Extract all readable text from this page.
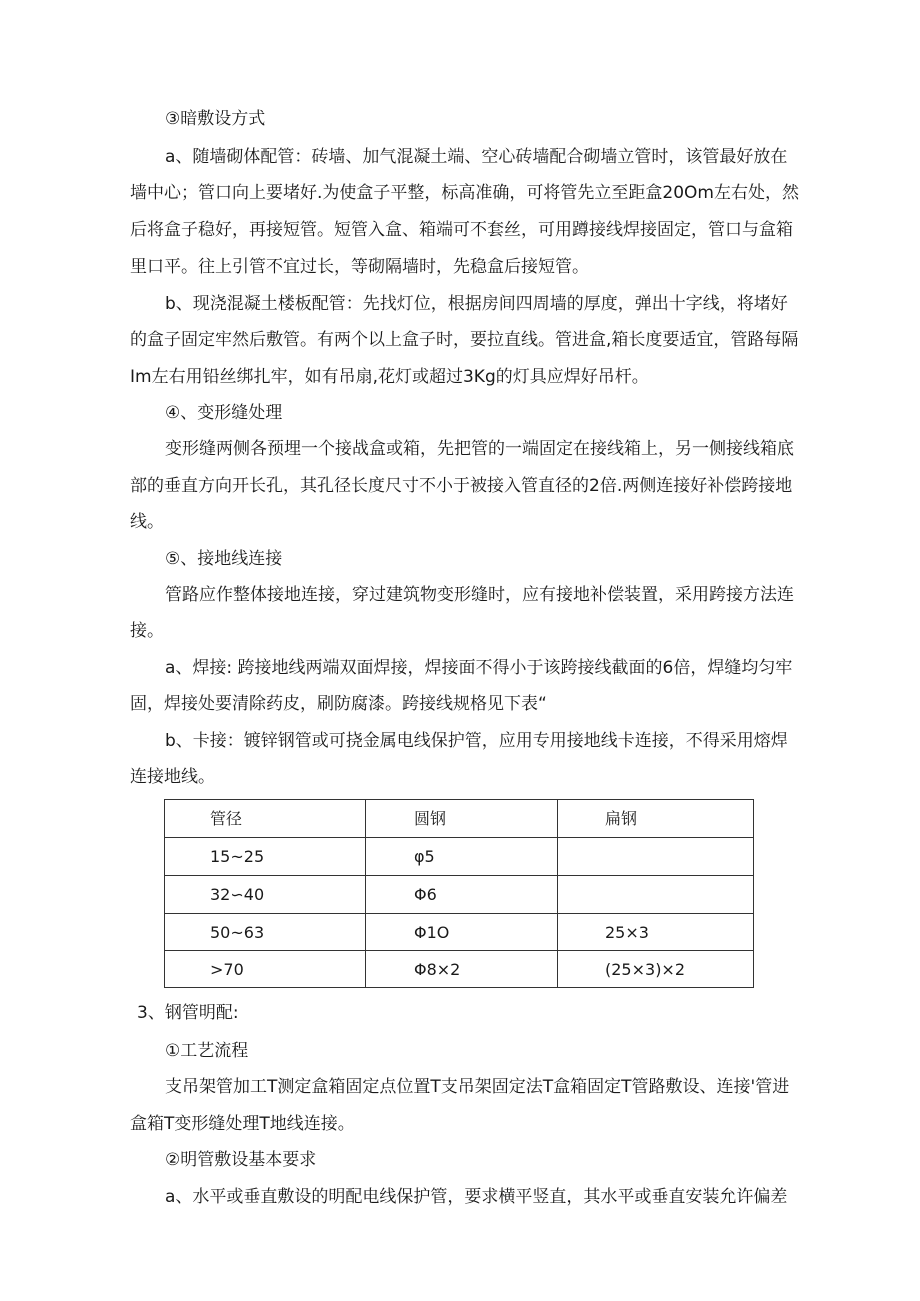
③暗敷设方式
a、随墙砌体配管：砖墙、加气混凝土端、空心砖墙配合砌墙立管时，该管最好放在
墙中心；管口向上要堵好.为使盒子平整，标高准确，可将管先立至距盒20Om左右处，然
后将盒子稳好，再接短管。短管入盒、箱端可不套丝，可用蹲接线焊接固定，管口与盒箱
里口平。往上引管不宜过长，等砌隔墙时，先稳盒后接短管。
b、现浇混凝土楼板配管：先找灯位，根据房间四周墙的厚度，弹出十字线，将堵好
的盒子固定牢然后敷管。有两个以上盒子时，要拉直线。管进盒,箱长度要适宜，管路每隔
Im左右用铅丝绑扎牢，如有吊扇,花灯或超过3Kg的灯具应焊好吊杆。
④、变形缝处理
变形缝两侧各预埋一个接战盒或箱，先把管的一端固定在接线箱上，另一侧接线箱底
部的垂直方向开长孔，其孔径长度尺寸不小于被接入管直径的2倍.两侧连接好补偿跨接地
线。
⑤、接地线连接
管路应作整体接地连接，穿过建筑物变形缝时，应有接地补偿装置，采用跨接方法连
接。
a、焊接: 跨接地线两端双面焊接，焊接面不得小于该跨接线截面的6倍，焊缝均匀牢
固，焊接处要清除药皮，刷防腐漆。跨接线规格见下表“
b、卡接：镀锌钢管或可挠金属电线保护管，应用专用接地线卡连接，不得采用熔焊
连接地线。
管径	圆钢	扁钢
15~25	φ5
32∽40	Φ6
50~63	Φ1O	25×3
>70	Φ8×2	(25×3)×2
3、钢管明配:
①工艺流程
支吊架管加工T测定盒箱固定点位置T支吊架固定法T盒箱固定T管路敷设、连接'管进
盒箱T变形缝处理T地线连接。
②明管敷设基本要求
a、水平或垂直敷设的明配电线保护管，要求横平竖直，其水平或垂直安装允许偏差
